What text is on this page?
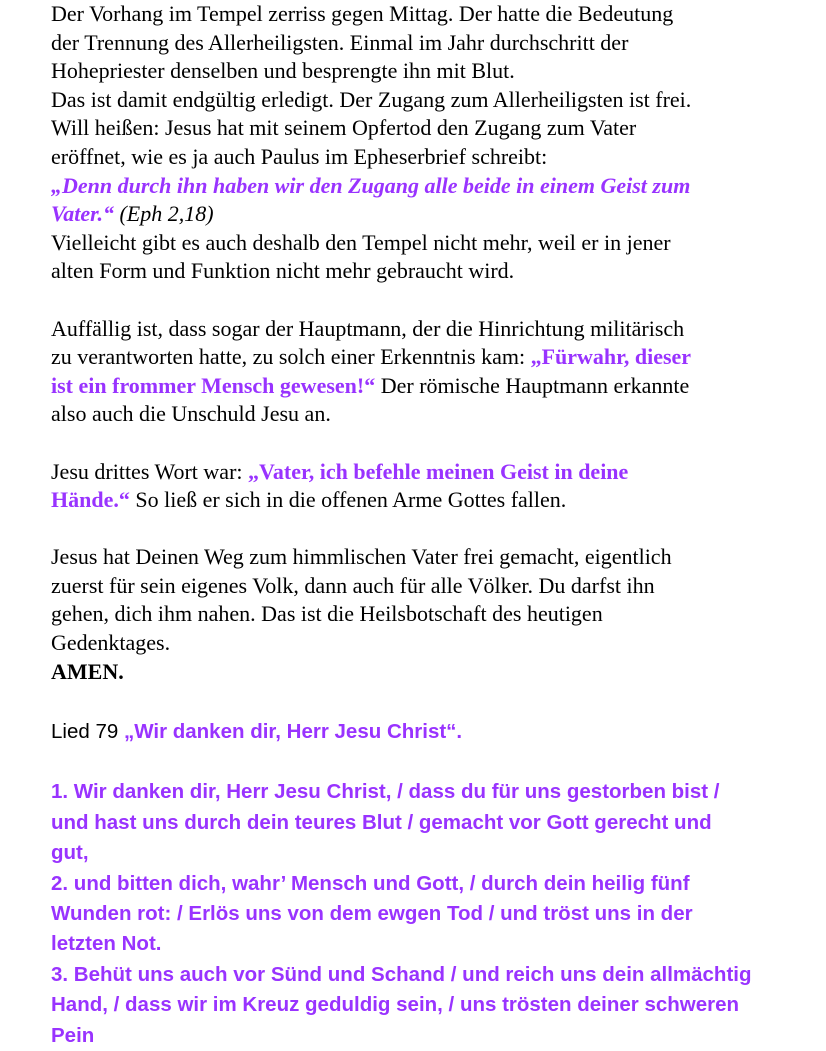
Der Vorhang im Tempel zerriss gegen Mittag. Der hatte die Bedeutung

der Trennung des Allerheiligsten. Einmal im Jahr durchschritt der

Hohepriester denselben und besprengte ihn mit Blut.

Das ist damit endgültig erledigt. Der Zugang zum Allerheiligsten ist frei.

Will heißen: Jesus hat mit seinem Opfertod den Zugang zum Vater

eröffnet, wie es ja auch Paulus im Epheserbrief schreibt:

„Denn durch ihn haben wir den Zugang alle beide in einem Geist zum

Vater.“ (Eph 2,18)

Vielleicht gibt es auch deshalb den Tempel nicht mehr, weil er in jener

alten Form und Funktion nicht mehr gebraucht wird.

Auffällig ist, dass sogar der Hauptmann, der die Hinrichtung militärisch

zu verantworten hatte, zu solch einer Erkenntnis kam: „Fürwahr, dieser

ist ein frommer Mensch gewesen!“ Der römische Hauptmann erkannte

also auch die Unschuld Jesu an.

Jesu drittes Wort war: „Vater, ich befehle meinen Geist in deine

Hände.“ So ließ er sich in die offenen Arme Gottes fallen.

Jesus hat Deinen Weg zum himmlischen Vater frei gemacht, eigentlich

zuerst für sein eigenes Volk, dann auch für alle Völker. Du darfst ihn

gehen, dich ihm nahen. Das ist die Heilsbotschaft des heutigen

Gedenktages.

AMEN.

Lied 79 „Wir danken dir, Herr Jesu Christ“.

1. Wir danken dir, Herr Jesu Christ, / dass du für uns gestorben bist /

und hast uns durch dein teures Blut / gemacht vor Gott gerecht und

gut,

2. und bitten dich, wahr’ Mensch und Gott, / durch dein heilig fünf

Wunden rot: / Erlös uns von dem ewgen Tod / und tröst uns in der

letzten Not.

3. Behüt uns auch vor Sünd und Schand / und reich uns dein allmächtig

Hand, / dass wir im Kreuz geduldig sein, / uns trösten deiner schweren

Pein
